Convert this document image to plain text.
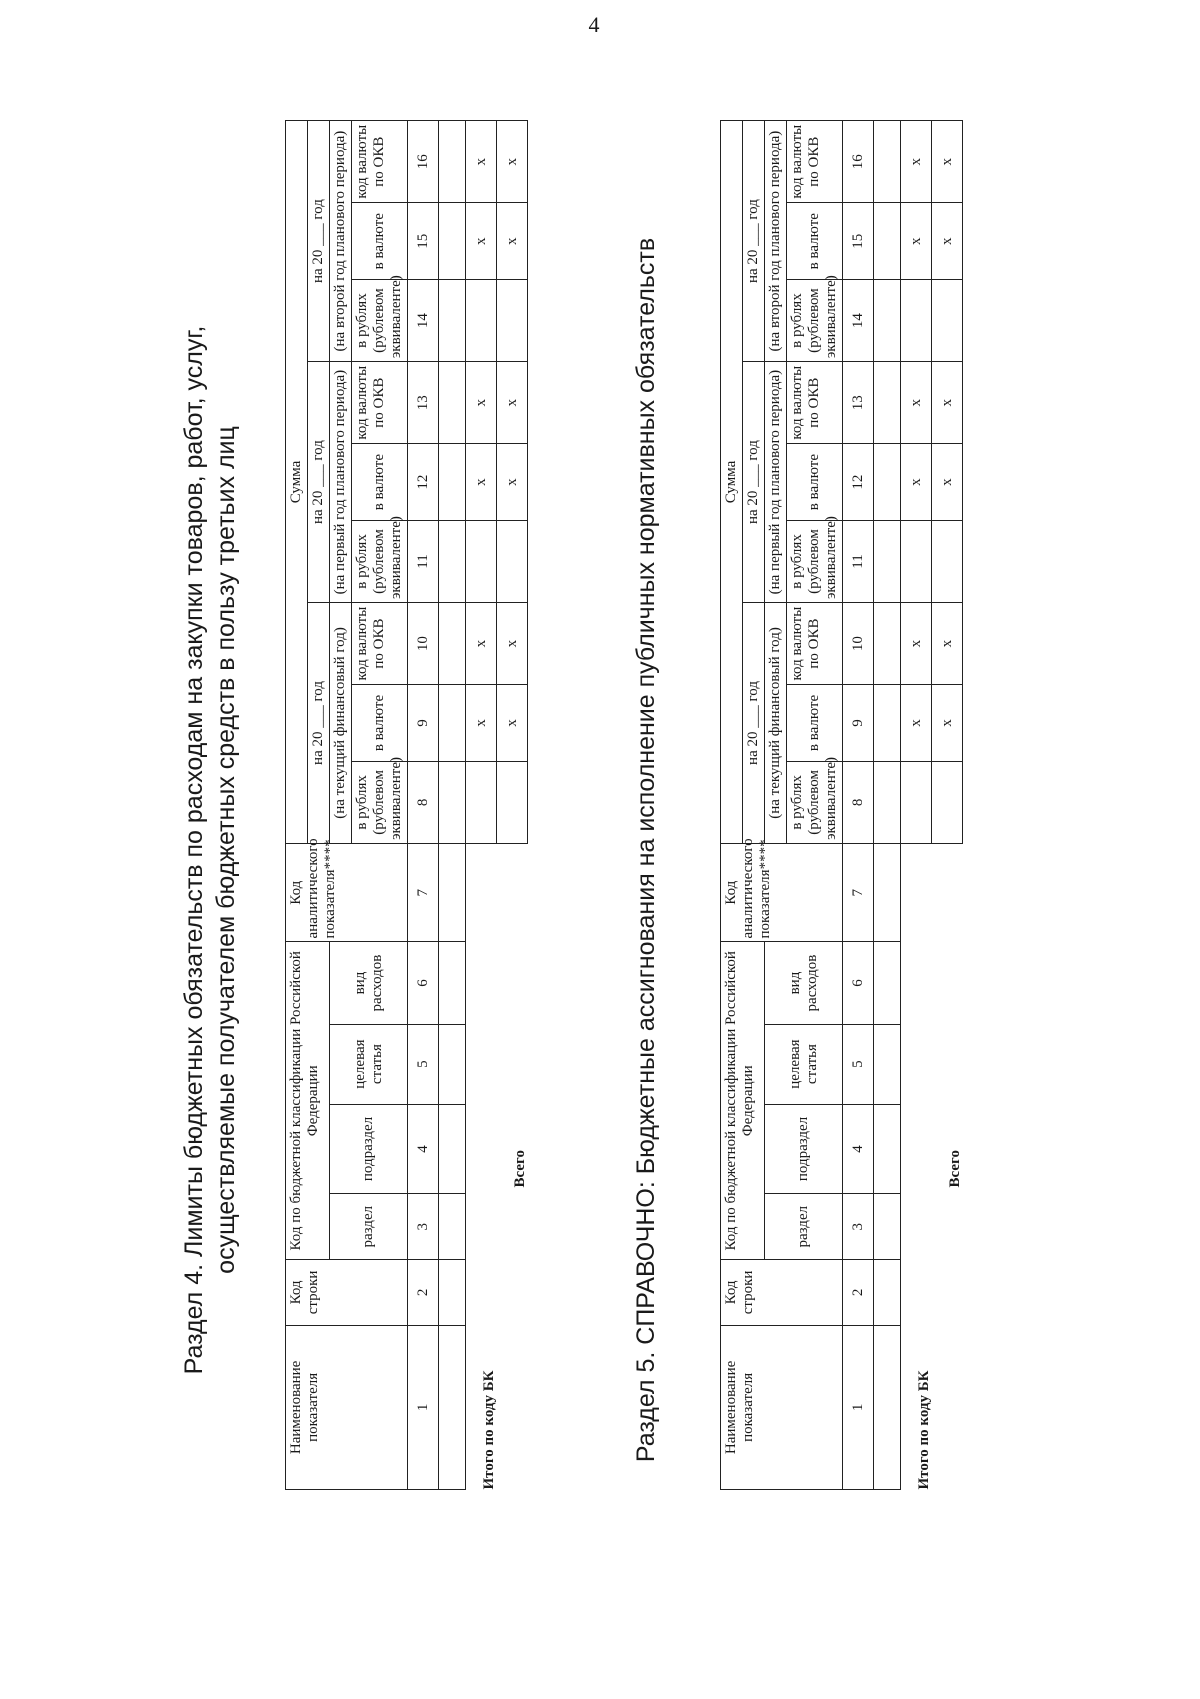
4
Раздел 4. Лимиты бюджетных обязательств по расходам на закупки товаров, работ, услуг, осуществляемые получателем бюджетных средств в пользу третьих лиц
Наименование показателя	Код строки	Код по бюджетной классификации Российской Федерации				Код аналитического показателя****	Сумма								
							на 20 ___ год			на 20 ___ год			на 20 ___ год		
		раздел	подраздел	целевая статья	вид расходов		(на текущий финансовый год)			(на первый год планового периода)			(на второй год планового периода)		
							в рублях (рублевом эквиваленте)	в валюте	код валюты по ОКВ	в рублях (рублевом эквиваленте)	в валюте	код валюты по ОКВ	в рублях (рублевом эквиваленте)	в валюте	код валюты по ОКВ
1	2	3	4	5	6	7	8	9	10	11	12	13	14	15	16

Итого по коду БК								x	x		x	x		x	x

Всего								x	x		x	x		x	x
Раздел 5. СПРАВОЧНО: Бюджетные ассигнования на исполнение публичных нормативных обязательств	Наименование показателя	Код строки	Код по бюджетной классификации Российской Федерации				Код аналитического показателя****	Сумма								
							на 20 ___ год			на 20 ___ год			на 20 ___ год		
		раздел	подраздел	целевая статья	вид расходов		(на текущий финансовый год)			(на первый год планового периода)			(на второй год планового периода)		
							в рублях (рублевом эквиваленте)	в валюте	код валюты по ОКВ	в рублях (рублевом эквиваленте)	в валюте	код валюты по ОКВ	в рублях (рублевом эквиваленте)	в валюте	код валюты по ОКВ
1	2	3	4	5	6	7	8	9	10	11	12	13	14	15	16

Итого по коду БК								x	x		x	x		x	x

Всего								x	x		x	x		x	x
